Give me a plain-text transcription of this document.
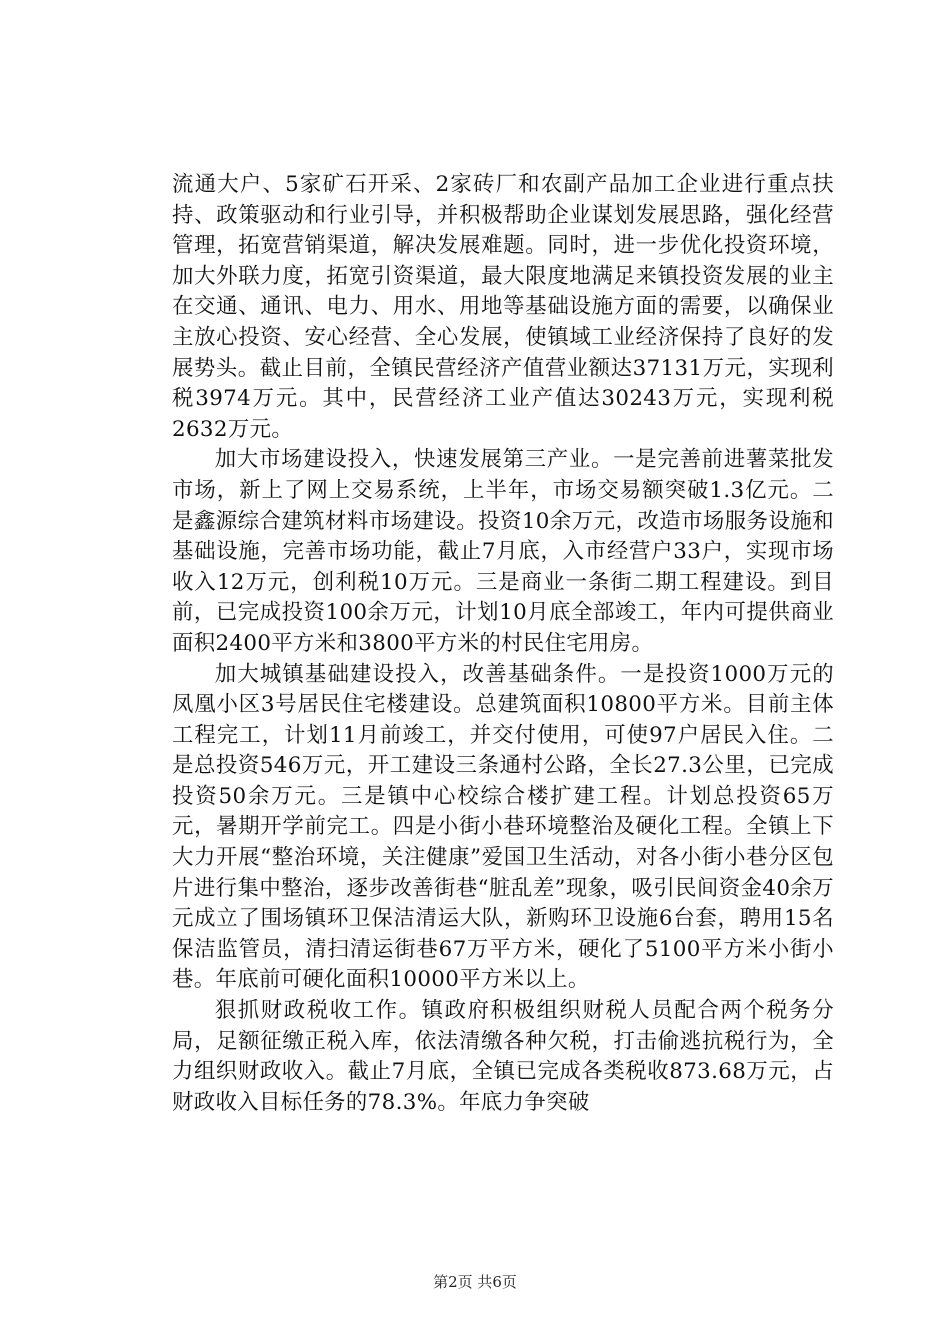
流通大户、5家矿石开采、2家砖厂和农副产品加工企业进行重点扶持、政策驱动和行业引导，并积极帮助企业谋划发展思路，强化经营管理，拓宽营销渠道，解决发展难题。同时，进一步优化投资环境，加大外联力度，拓宽引资渠道，最大限度地满足来镇投资发展的业主在交通、通讯、电力、用水、用地等基础设施方面的需要，以确保业主放心投资、安心经营、全心发展，使镇域工业经济保持了良好的发展势头。截止目前，全镇民营经济产值营业额达37131万元，实现利税3974万元。其中，民营经济工业产值达30243万元，实现利税2632万元。

加大市场建设投入，快速发展第三产业。一是完善前进薯菜批发市场，新上了网上交易系统，上半年，市场交易额突破1.3亿元。二是鑫源综合建筑材料市场建设。投资10余万元，改造市场服务设施和基础设施，完善市场功能，截止7月底，入市经营户33户，实现市场收入12万元，创利税10万元。三是商业一条街二期工程建设。到目前，已完成投资100余万元，计划10月底全部竣工，年内可提供商业面积2400平方米和3800平方米的村民住宅用房。

加大城镇基础建设投入，改善基础条件。一是投资1000万元的凤凰小区3号居民住宅楼建设。总建筑面积10800平方米。目前主体工程完工，计划11月前竣工，并交付使用，可使97户居民入住。二是总投资546万元，开工建设三条通村公路，全长27.3公里，已完成投资50余万元。三是镇中心校综合楼扩建工程。计划总投资65万元，暑期开学前完工。四是小街小巷环境整治及硬化工程。全镇上下大力开展“整治环境，关注健康”爱国卫生活动，对各小街小巷分区包片进行集中整治，逐步改善街巷“脏乱差”现象，吸引民间资金40余万元成立了围场镇环卫保洁清运大队，新购环卫设施6台套，聘用15名保洁监管员，清扫清运街巷67万平方米，硬化了5100平方米小街小巷。年底前可硬化面积10000平方米以上。

狠抓财政税收工作。镇政府积极组织财税人员配合两个税务分局，足额征缴正税入库，依法清缴各种欠税，打击偷逃抗税行为，全力组织财政收入。截止7月底，全镇已完成各类税收873.68万元，占财政收入目标任务的78.3%。年底力争突破

第2页 共6页
